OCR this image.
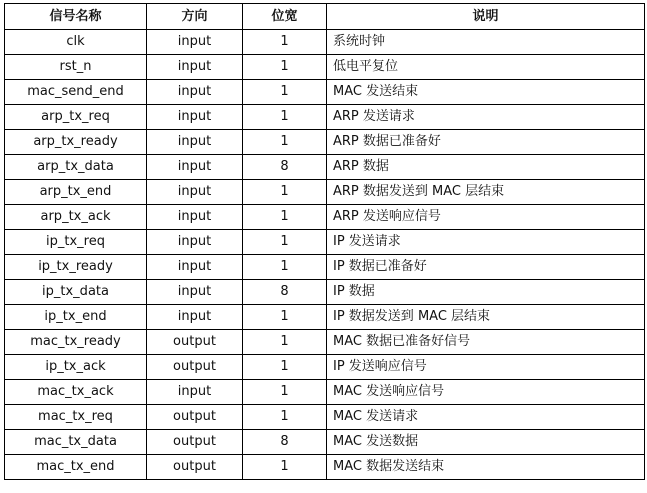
信号名称	方向	位宽	说明
clk	input	1	系统时钟
rst_n	input	1	低电平复位
mac_send_end	input	1	MAC 发送结束
arp_tx_req	input	1	ARP 发送请求
arp_tx_ready	input	1	ARP 数据已准备好
arp_tx_data	input	8	ARP 数据
arp_tx_end	input	1	ARP 数据发送到 MAC 层结束
arp_tx_ack	input	1	ARP 发送响应信号
ip_tx_req	input	1	IP 发送请求
ip_tx_ready	input	1	IP 数据已准备好
ip_tx_data	input	8	IP 数据
ip_tx_end	input	1	IP 数据发送到 MAC 层结束
mac_tx_ready	output	1	MAC 数据已准备好信号
ip_tx_ack	output	1	IP 发送响应信号
mac_tx_ack	input	1	MAC 发送响应信号
mac_tx_req	output	1	MAC 发送请求
mac_tx_data	output	8	MAC 发送数据
mac_tx_end	output	1	MAC 数据发送结束
